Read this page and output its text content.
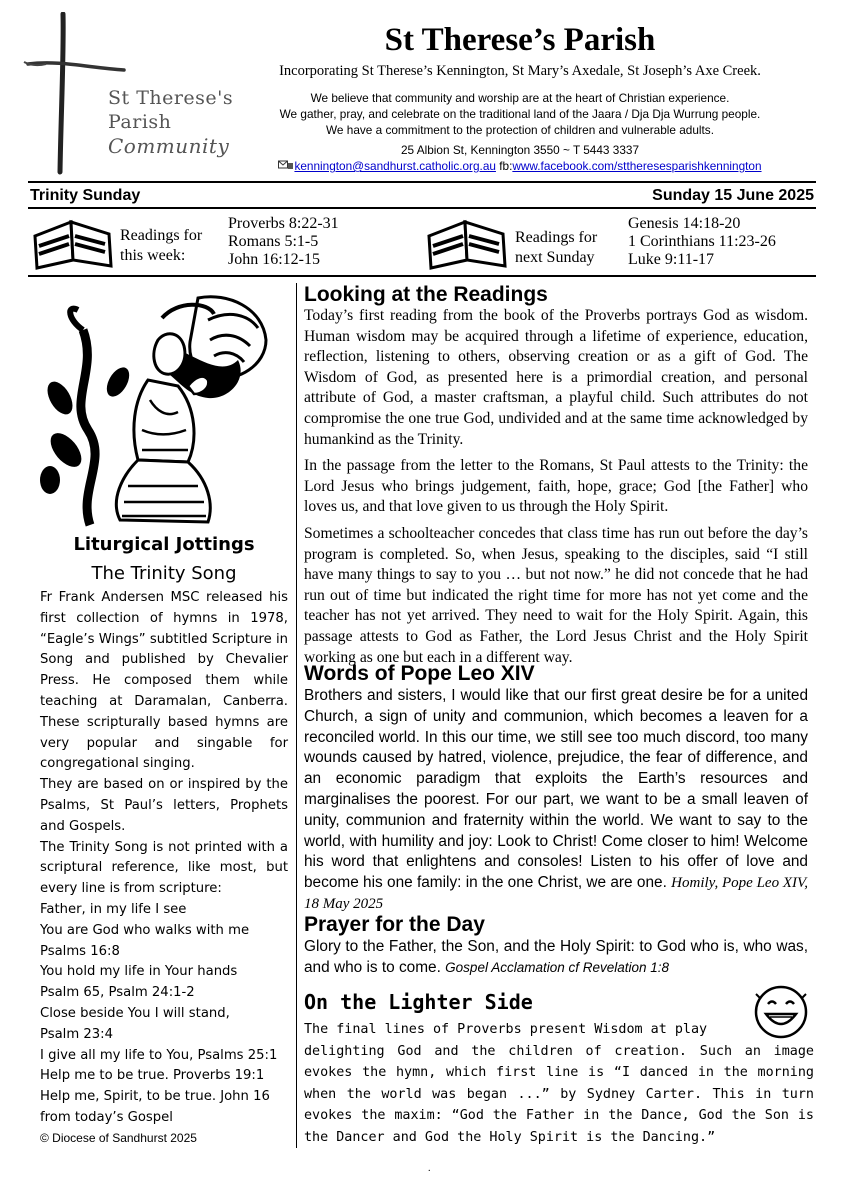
St Therese's
Parish
Community
St Therese’s Parish
Incorporating St Therese’s Kennington, St Mary’s Axedale, St Joseph’s Axe Creek.
We believe that community and worship are at the heart of Christian experience.
We gather, pray, and celebrate on the traditional land of the Jaara / Dja Dja Wurrung people.
We have a commitment to the protection of children and vulnerable adults.
25 Albion St, Kennington 3550 ~ T 5443 3337
kennington@sandhurst.catholic.org.au fb:www.facebook.com/sttheresesparishkennington
Trinity Sunday	Sunday 15 June 2025
Readings for
this week:
Proverbs 8:22-31
Romans 5:1-5
John 16:12-15
Readings for
next Sunday
Genesis 14:18-20
1 Corinthians 11:23-26
Luke 9:11-17
Liturgical Jottings
The Trinity Song

Fr Frank Andersen MSC released his first collection of hymns in 1978, “Eagle’s Wings” subtitled Scripture in Song and published by Chevalier Press. He composed them while teaching at Daramalan, Canberra. These scripturally based hymns are very popular and singable for congregational singing.

They are based on or inspired by the Psalms, St Paul’s letters, Prophets and Gospels.

The Trinity Song is not printed with a scriptural reference, like most, but every line is from scripture:

Father, in my life I see

You are God who walks with me

Psalms 16:8

You hold my life in Your hands

Psalm 65, Psalm 24:1-2

Close beside You I will stand,

Psalm 23:4

I give all my life to You, Psalms 25:1

Help me to be true. Proverbs 19:1

Help me, Spirit, to be true. John 16

from today’s Gospel

© Diocese of Sandhurst 2025
Looking at the Readings

Today’s first reading from the book of the Proverbs portrays God as wisdom. Human wisdom may be acquired through a lifetime of experience, education, reflection, listening to others, observing creation or as a gift of God. The Wisdom of God, as presented here is a primordial creation, and personal attribute of God, a master craftsman, a playful child. Such attributes do not compromise the one true God, undivided and at the same time acknowledged by humankind as the Trinity.

In the passage from the letter to the Romans, St Paul attests to the Trinity: the Lord Jesus who brings judgement, faith, hope, grace; God [the Father] who loves us, and that love given to us through the Holy Spirit.

Sometimes a schoolteacher concedes that class time has run out before the day’s program is completed. So, when Jesus, speaking to the disciples, said “I still have many things to say to you … but not now.” he did not concede that he had run out of time but indicated the right time for more has not yet come and the teacher has not yet arrived. They need to wait for the Holy Spirit. Again, this passage attests to God as Father, the Lord Jesus Christ and the Holy Spirit working as one but each in a different way.

Words of Pope Leo XIV
Brothers and sisters, I would like that our first great desire be for a united Church, a sign of unity and communion, which becomes a leaven for a reconciled world. In this our time, we still see too much discord, too many wounds caused by hatred, violence, prejudice, the fear of difference, and an economic paradigm that exploits the Earth’s resources and marginalises the poorest. For our part, we want to be a small leaven of unity, communion and fraternity within the world. We want to say to the world, with humility and joy: Look to Christ! Come closer to him! Welcome his word that enlightens and consoles! Listen to his offer of love and become his one family: in the one Christ, we are one. Homily, Pope Leo XIV, 18 May 2025
Prayer for the Day
Glory to the Father, the Son, and the Holy Spirit: to God who is, who was, and who is to come. Gospel Acclamation cf Revelation 1:8
On the Lighter Side
The final lines of Proverbs present Wisdom at play
delighting God and the children of creation. Such an image evokes the hymn, which first line is “I danced in the morning when the world was began ...” by Sydney Carter. This in turn evokes the maxim: “God the Father in the Dance, God the Son is the Dancer and God the Holy Spirit is the Dancing.”
.
